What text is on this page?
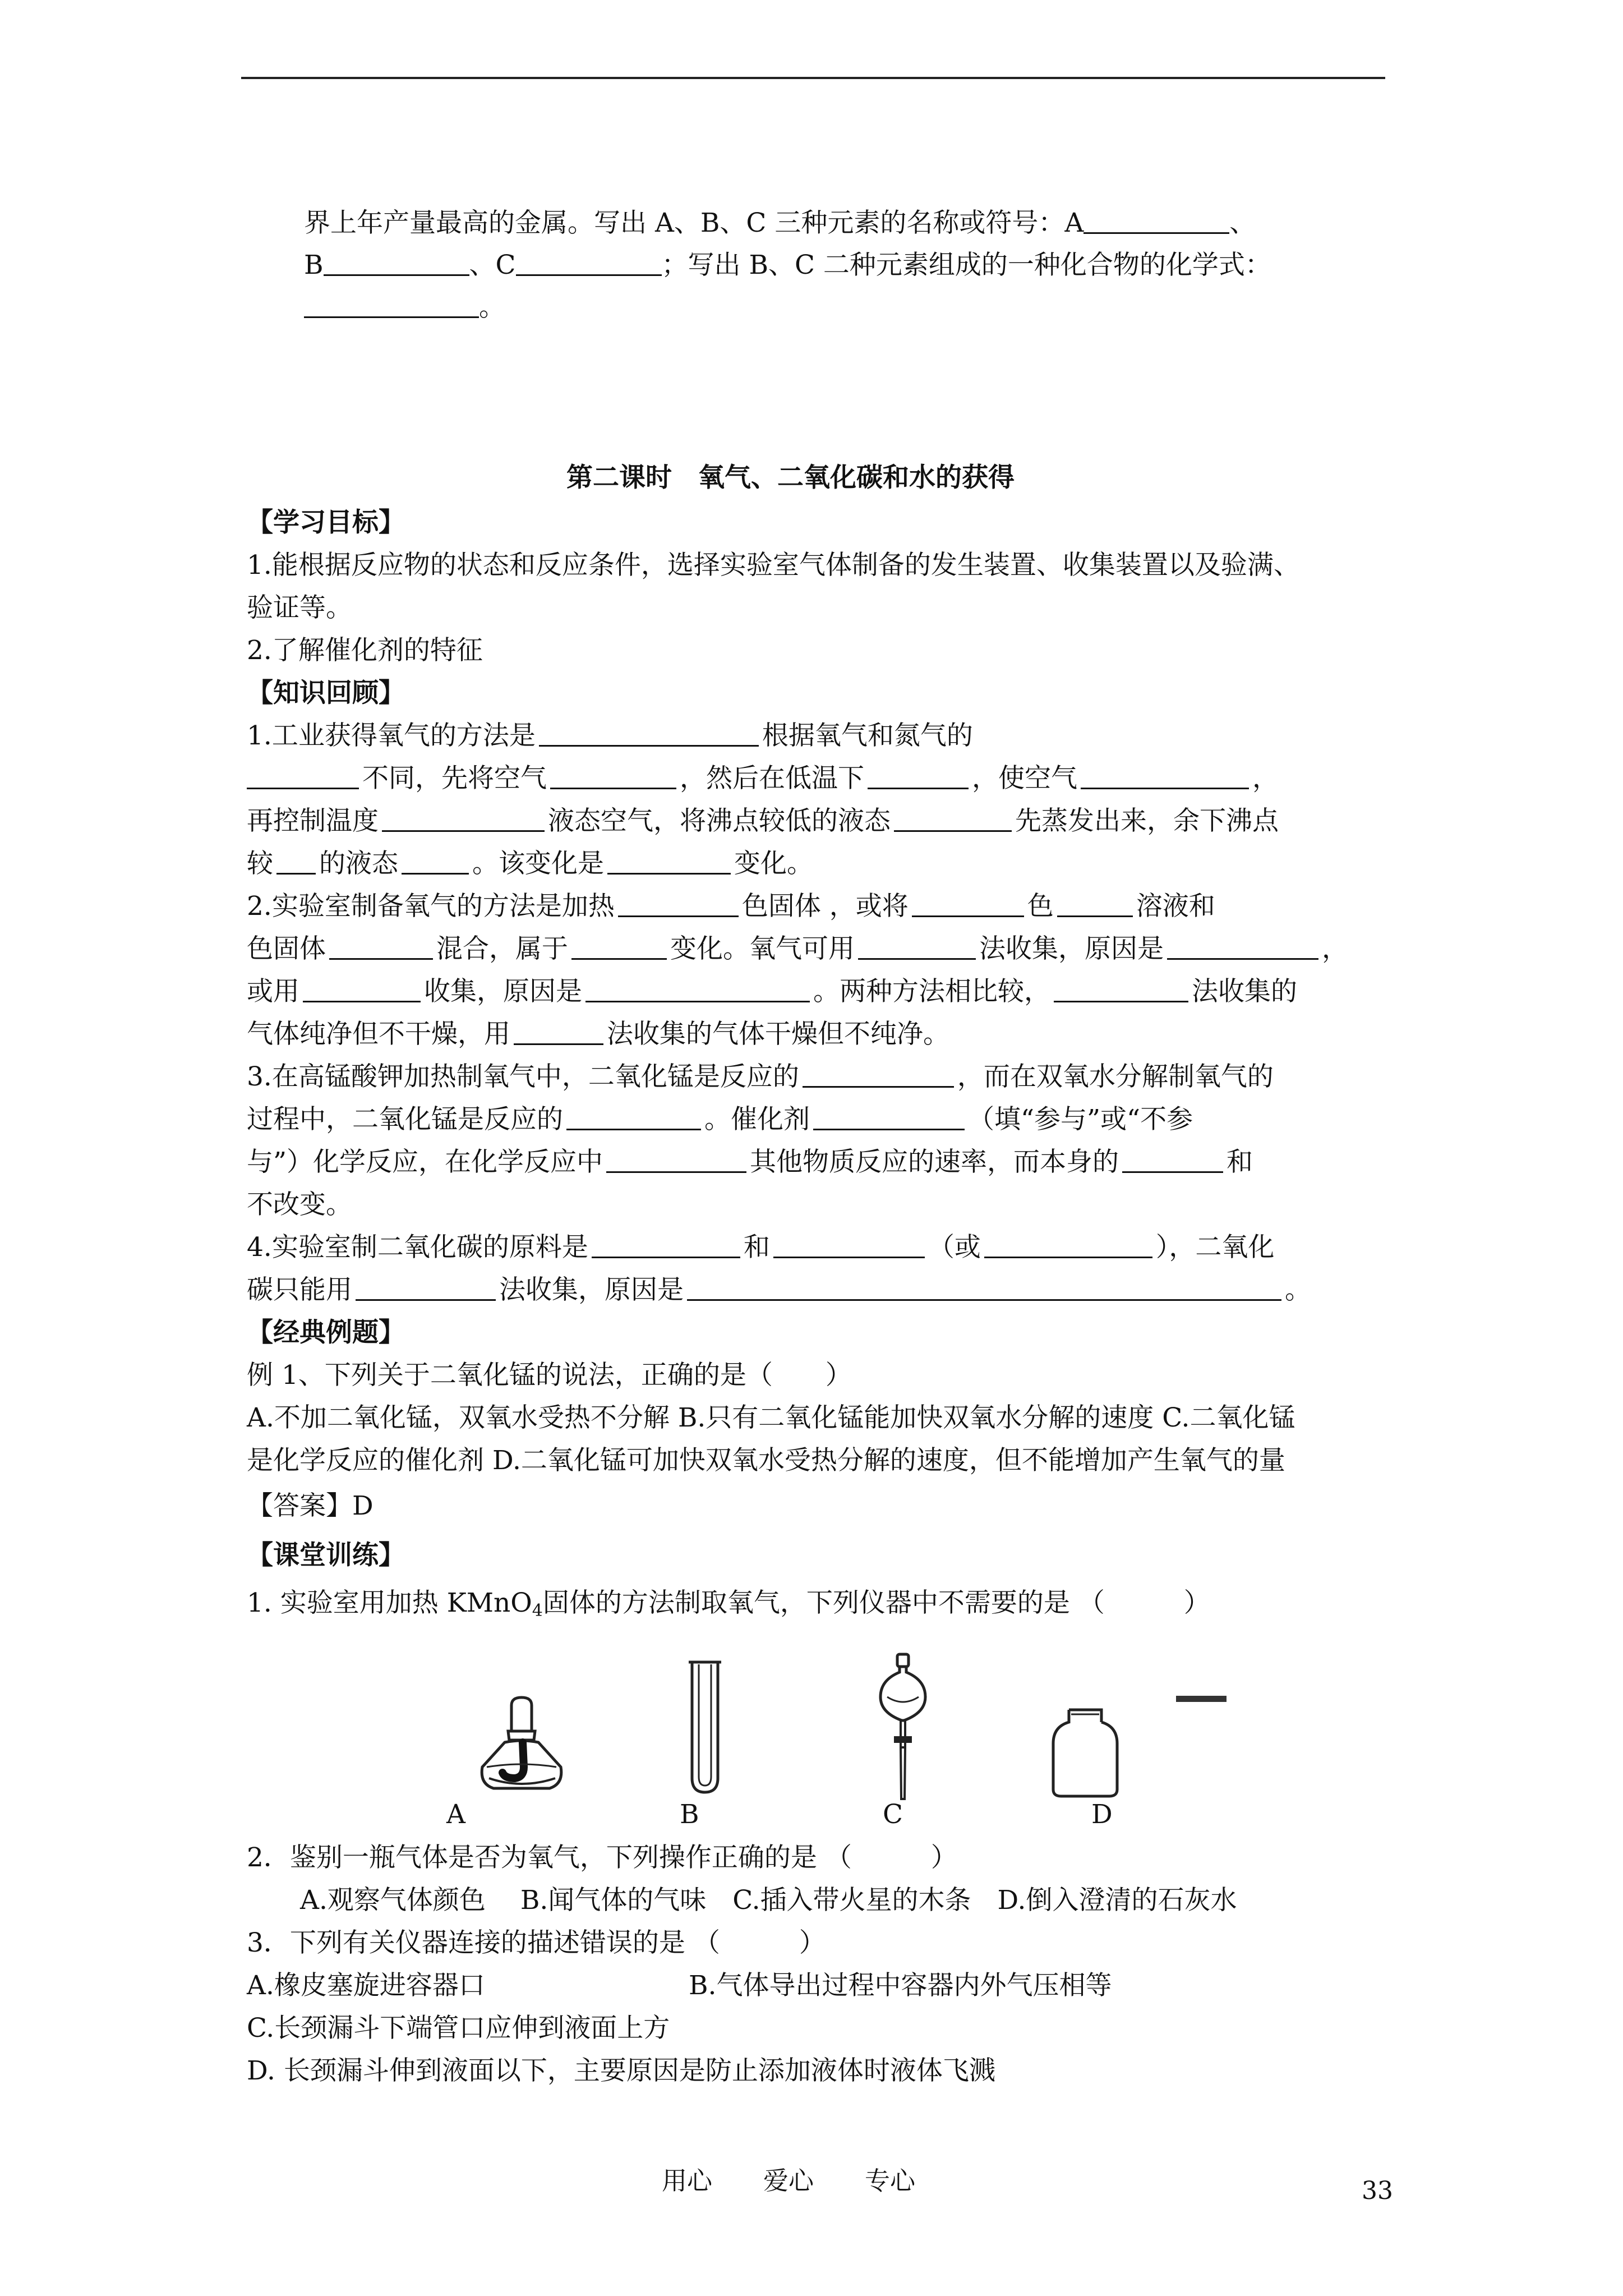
界上年产量最高的金属。写出 A、B、C 三种元素的名称或符号：A	、
B	、C	；写出 B、C 二种元素组成的一种化合物的化学式：
。
第二课时　氧气、二氧化碳和水的获得
【学习目标】
1.能根据反应物的状态和反应条件，选择实验室气体制备的发生装置、收集装置以及验满、
验证等。
2.了解催化剂的特征
【知识回顾】
1.工业获得氧气的方法是	根据氧气和氮气的
不同，先将空气	，然后在低温下	，使空气	，
再控制温度	液态空气，将沸点较低的液态	先蒸发出来，余下沸点
较 的液态	。该变化是	变化。
2.实验室制备氧气的方法是加热	色固体 ，或将	色	溶液和
色固体	混合，属于	变化。氧气可用	法收集，原因是	，
或用	收集，原因是	。两种方法相比较，	法收集的
气体纯净但不干燥，用	法收集的气体干燥但不纯净。
3.在高锰酸钾加热制氧气中，二氧化锰是反应的	，而在双氧水分解制氧气的
过程中，二氧化锰是反应的	。催化剂	（填“参与”或“不参
与”）化学反应，在化学反应中	其他物质反应的速率，而本身的	和
不改变。
4.实验室制二氧化碳的原料是	和	（或	），二氧化
碳只能用	法收集，原因是	。
【经典例题】
例 1、下列关于二氧化锰的说法，正确的是（　　）
A.不加二氧化锰，双氧水受热不分解 B.只有二氧化锰能加快双氧水分解的速度 C.二氧化锰
是化学反应的催化剂 D.二氧化锰可加快双氧水受热分解的速度，但不能增加产生氧气的量
【答案】D
【课堂训练】
1. 实验室用加热 KMnO$_4$固体的方法制取氧气，下列仪器中不需要的是 （　　　）
A	B	C	D
2．鉴别一瓶气体是否为氧气，下列操作正确的是 （　　　）
A.观察气体颜色　 B.闻气体的气味　C.插入带火星的木条　D.倒入澄清的石灰水
3．下列有关仪器连接的描述错误的是 （　　　）
A.橡皮塞旋进容器口	B.气体导出过程中容器内外气压相等
C.长颈漏斗下端管口应伸到液面上方
D. 长颈漏斗伸到液面以下，主要原因是防止添加液体时液体飞溅
用心 爱心 专心	33
